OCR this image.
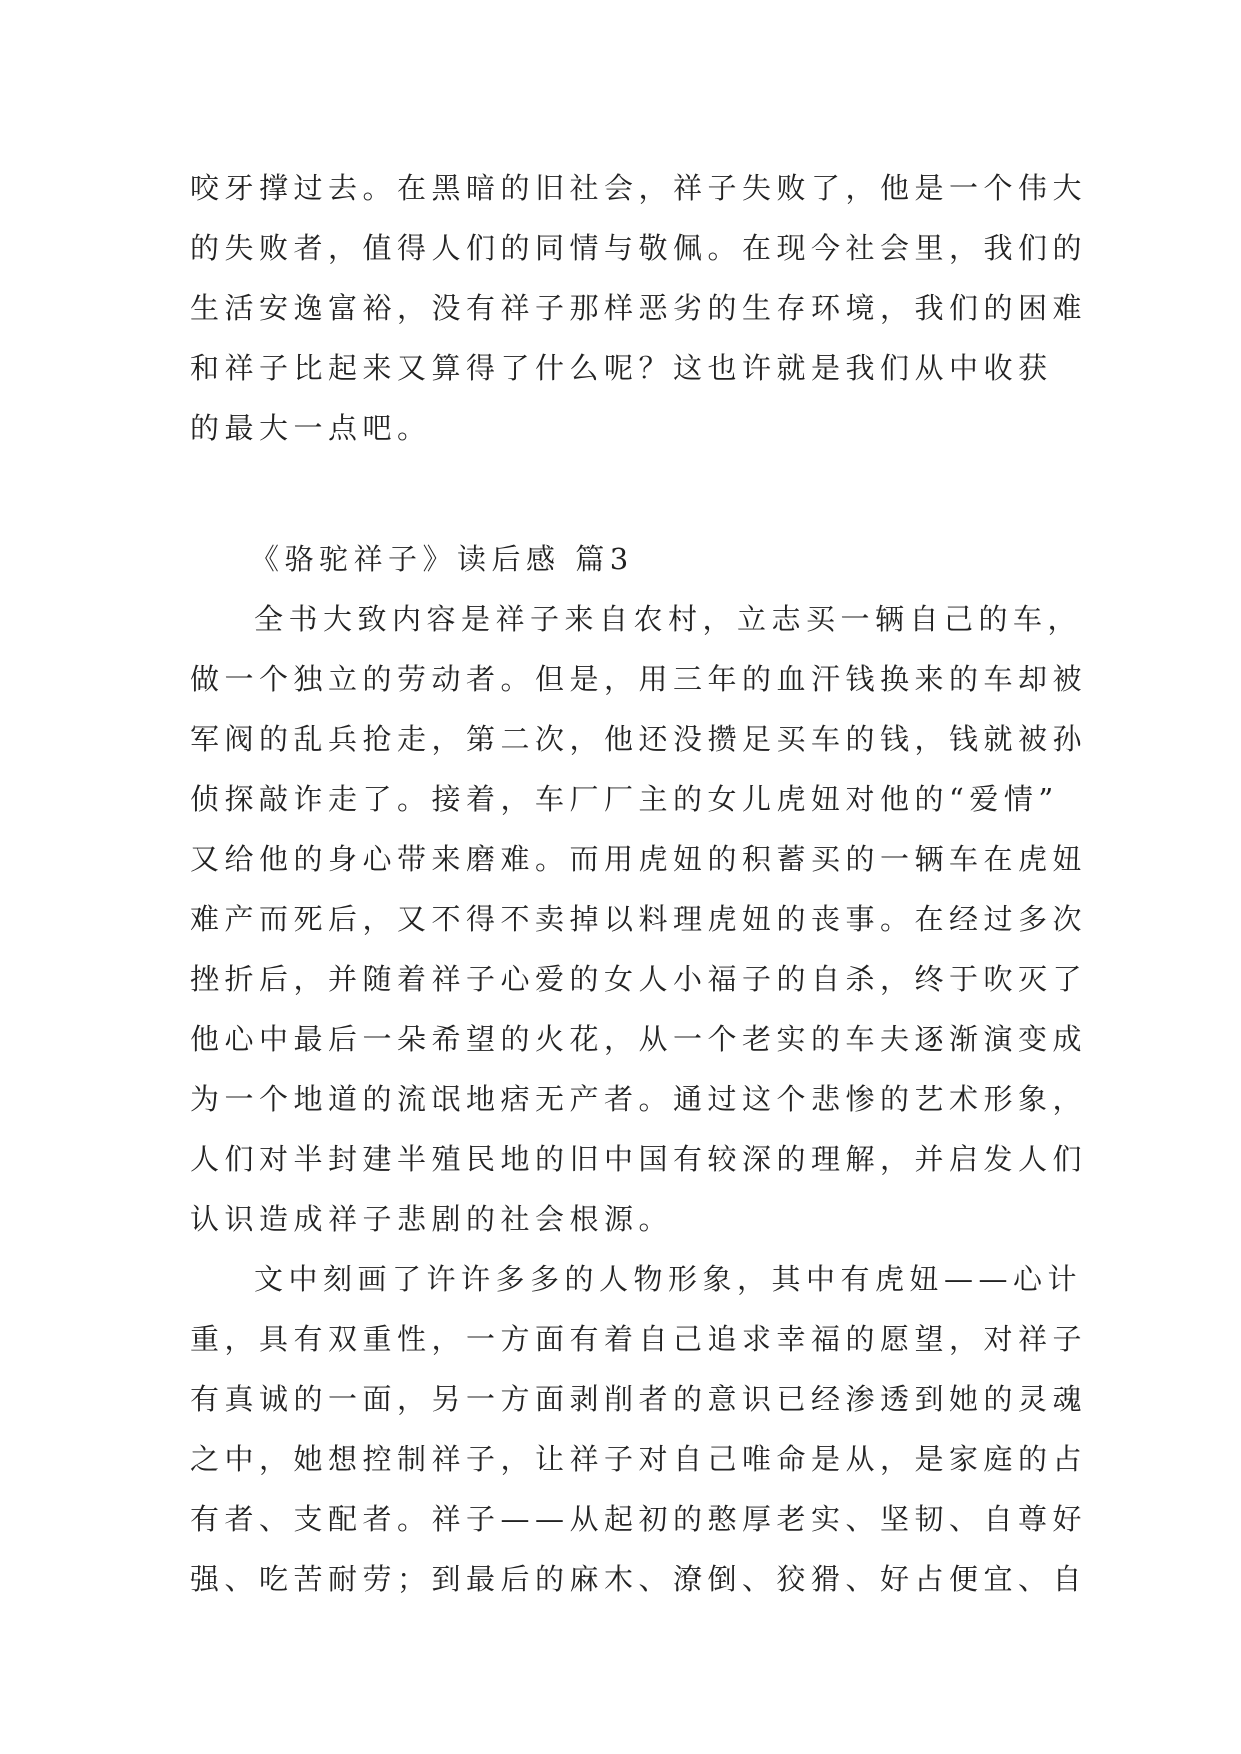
咬牙撑过去。在黑暗的旧社会，祥子失败了，他是一个伟大
的失败者，值得人们的同情与敬佩。在现今社会里，我们的
生活安逸富裕，没有祥子那样恶劣的生存环境，我们的困难
和祥子比起来又算得了什么呢？这也许就是我们从中收获
的最大一点吧。
《骆驼祥子》读后感 篇3
全书大致内容是祥子来自农村，立志买一辆自己的车，
做一个独立的劳动者。但是，用三年的血汗钱换来的车却被
军阀的乱兵抢走，第二次，他还没攒足买车的钱，钱就被孙
侦探敲诈走了。接着，车厂厂主的女儿虎妞对他的“爱情”
又给他的身心带来磨难。而用虎妞的积蓄买的一辆车在虎妞
难产而死后，又不得不卖掉以料理虎妞的丧事。在经过多次
挫折后，并随着祥子心爱的女人小福子的自杀，终于吹灭了
他心中最后一朵希望的火花，从一个老实的车夫逐渐演变成
为一个地道的流氓地痞无产者。通过这个悲惨的艺术形象，
人们对半封建半殖民地的旧中国有较深的理解，并启发人们
认识造成祥子悲剧的社会根源。
文中刻画了许许多多的人物形象，其中有虎妞——心计
重，具有双重性，一方面有着自己追求幸福的愿望，对祥子
有真诚的一面，另一方面剥削者的意识已经渗透到她的灵魂
之中，她想控制祥子，让祥子对自己唯命是从，是家庭的占
有者、支配者。祥子——从起初的憨厚老实、坚韧、自尊好
强、吃苦耐劳；到最后的麻木、潦倒、狡猾、好占便宜、自
